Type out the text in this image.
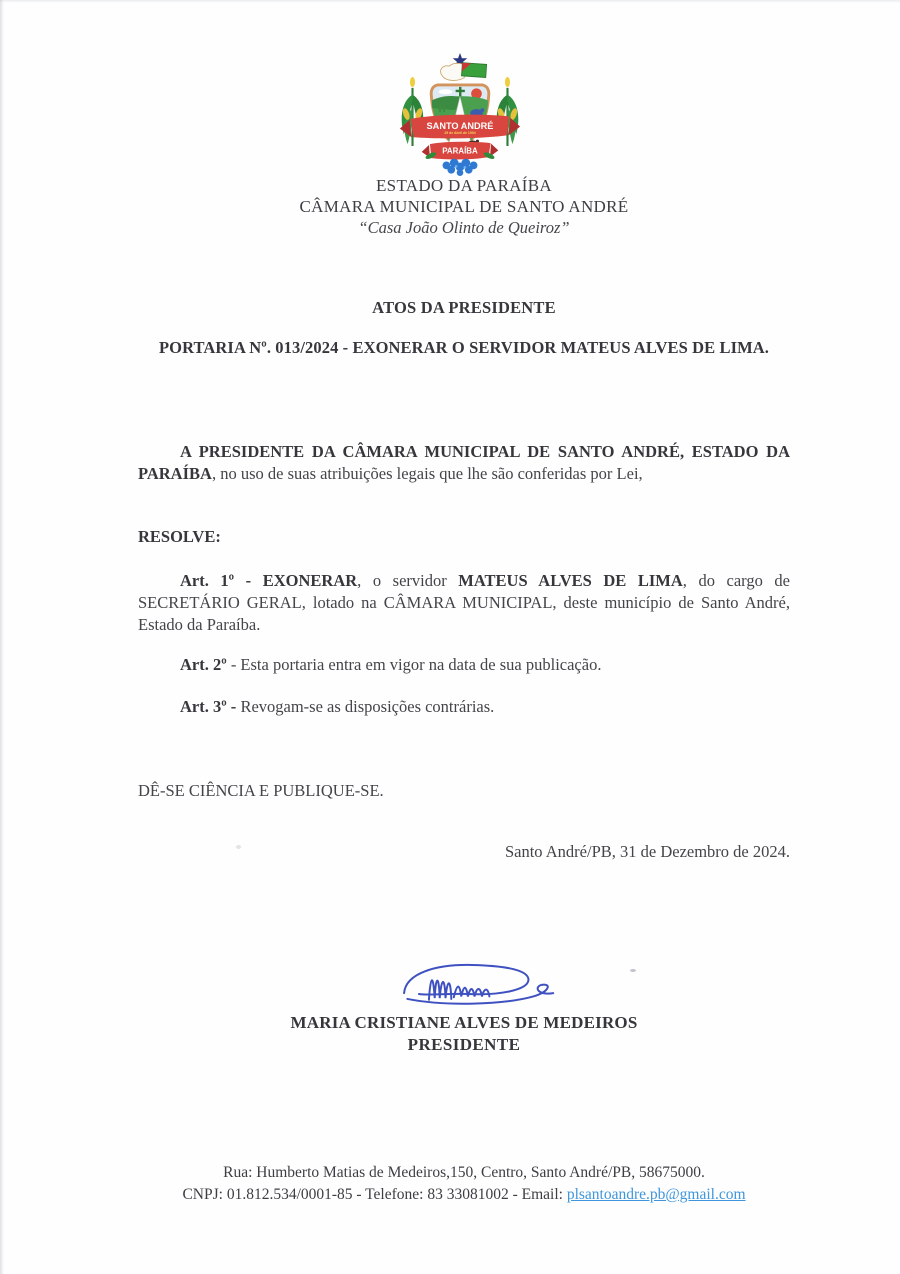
SANTO ANDRÉ
29 de Abril de 1994
PARAÍBA
ESTADO DA PARAÍBA
CÂMARA MUNICIPAL DE SANTO ANDRÉ
“Casa João Olinto de Queiroz”
ATOS DA PRESIDENTE
PORTARIA Nº. 013/2024 - EXONERAR O SERVIDOR MATEUS ALVES DE LIMA.

A PRESIDENTE DA CÂMARA MUNICIPAL DE SANTO ANDRÉ, ESTADO DA PARAÍBA, no uso de suas atribuições legais que lhe são conferidas por Lei,

RESOLVE:

Art. 1º - EXONERAR, o servidor MATEUS ALVES DE LIMA, do cargo de SECRETÁRIO GERAL, lotado na CÂMARA MUNICIPAL, deste município de Santo André, Estado da Paraíba.

Art. 2º - Esta portaria entra em vigor na data de sua publicação.

Art. 3º - Revogam-se as disposições contrárias.

DÊ-SE CIÊNCIA E PUBLIQUE-SE.
Santo André/PB, 31 de Dezembro de 2024.
MARIA CRISTIANE ALVES DE MEDEIROS
PRESIDENTE
Rua: Humberto Matias de Medeiros,150, Centro, Santo André/PB, 58675000.
CNPJ: 01.812.534/0001-85 - Telefone: 83 33081002 - Email: plsantoandre.pb@gmail.com
